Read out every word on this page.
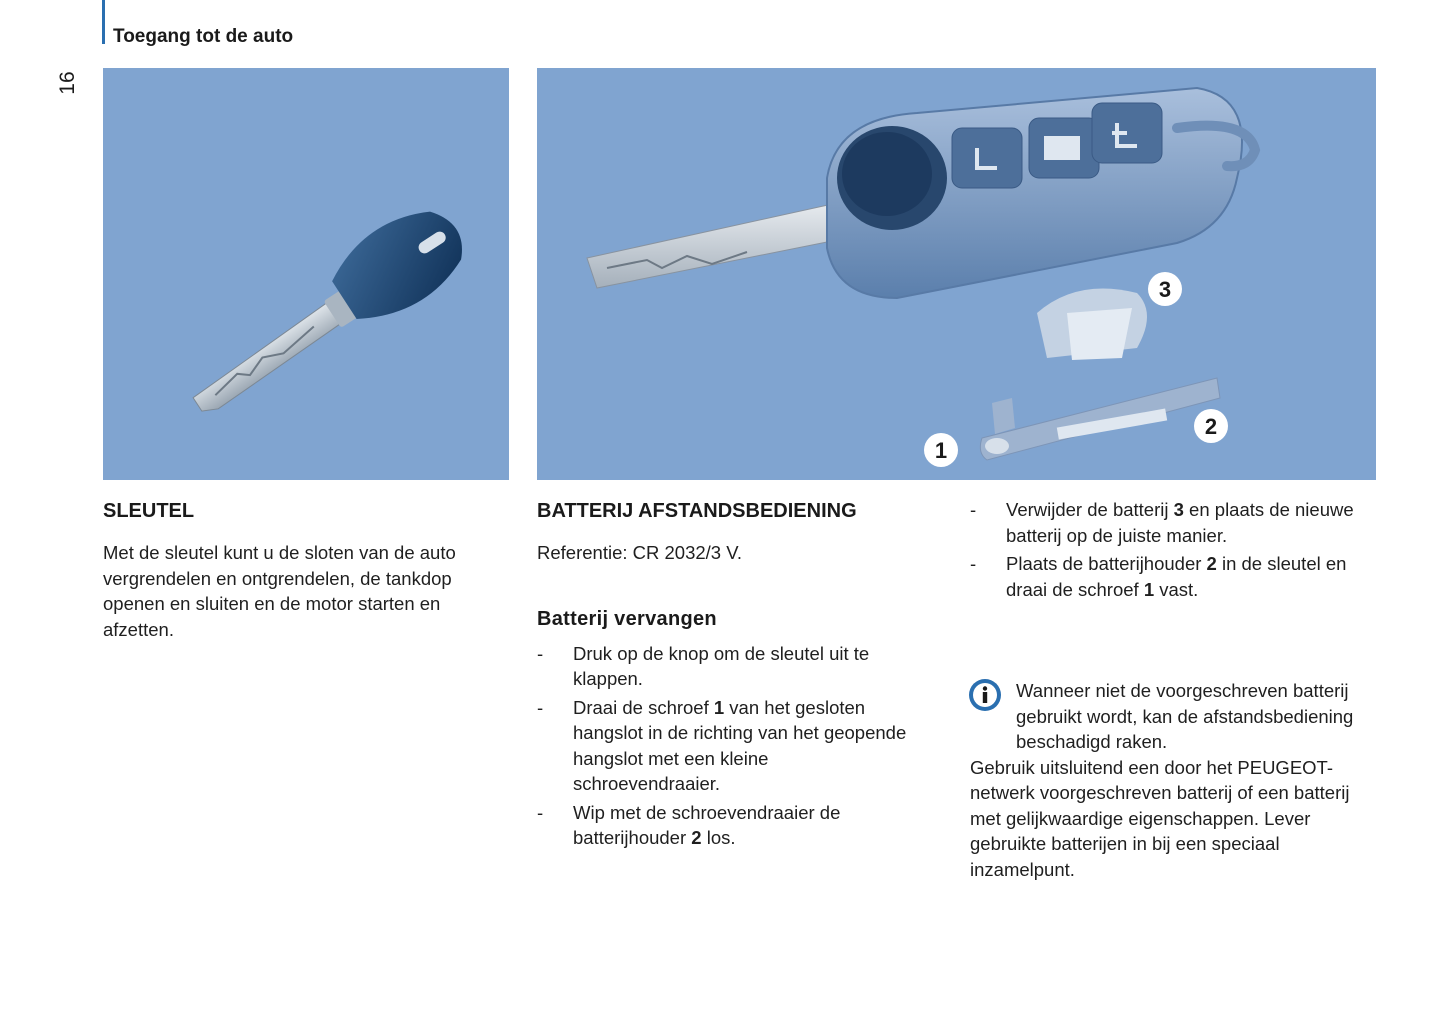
Toegang tot de auto
16
1
2
3
SLEUTEL

Met de sleutel kunt u de sloten van de auto vergrendelen en ontgrendelen, de tankdop openen en sluiten en de motor starten en afzetten.

BATTERIJ AFSTANDSBEDIENING

Referentie: CR 2032/3 V.

Batterij vervangen
- Druk op de knop om de sleutel uit te klappen.
- Draai de schroef 1 van het gesloten hangslot in de richting van het geopende hangslot met een kleine schroevendraaier.
- Wip met de schroevendraaier de batterijhouder 2 los.
- Verwijder de batterij 3 en plaats de nieuwe batterij op de juiste manier.
- Plaats de batterijhouder 2 in de sleutel en draai de schroef 1 vast.

Wanneer niet de voorgeschreven batterij gebruikt wordt, kan de afstandsbediening beschadigd raken.

Gebruik uitsluitend een door het PEUGEOT-netwerk voorgeschreven batterij of een batterij met gelijkwaardige eigenschappen. Lever gebruikte batterijen in bij een speciaal inzamelpunt.
